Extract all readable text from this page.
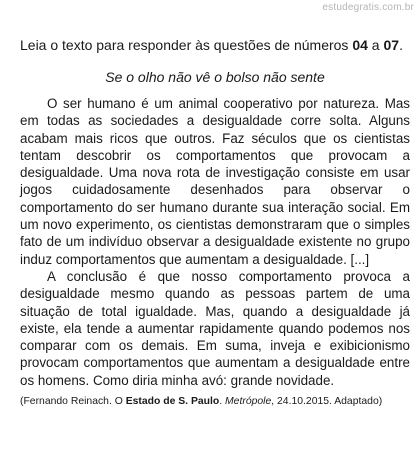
estudegratis.com.br

Leia o texto para responder às questões de números 04 a 07.

Se o olho não vê o bolso não sente

O ser humano é um animal cooperativo por natureza. Mas em todas as sociedades a desigualdade corre solta. Alguns acabam mais ricos que outros. Faz séculos que os cientistas tentam descobrir os comportamentos que provocam a desigualdade. Uma nova rota de investigação consiste em usar jogos cuidadosamente desenhados para observar o comportamento do ser humano durante sua interação social. Em um novo experimento, os cientistas demonstraram que o simples fato de um indivíduo observar a desigualdade existente no grupo induz comportamentos que aumentam a desigualdade. [...]

A conclusão é que nosso comportamento provoca a desigualdade mesmo quando as pessoas partem de uma situação de total igualdade. Mas, quando a desigualdade já existe, ela tende a aumentar rapidamente quando podemos nos comparar com os demais. Em suma, inveja e exibicionismo provocam comportamentos que aumentam a desigualdade entre os homens. Como diria minha avó: grande novidade.

(Fernando Reinach. O Estado de S. Paulo. Metrópole, 24.10.2015. Adaptado)
